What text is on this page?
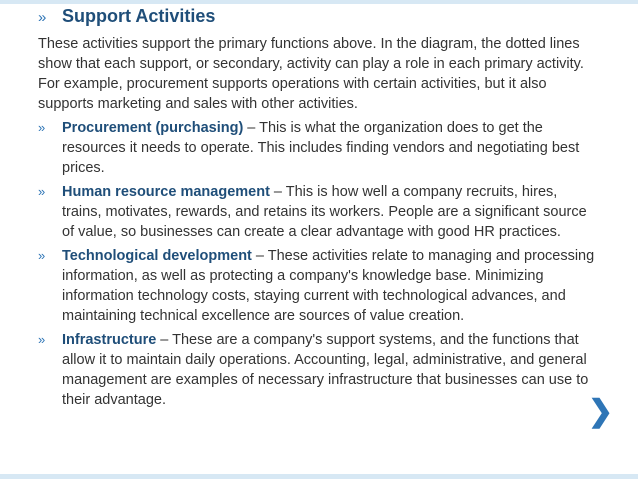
» Support Activities

These activities support the primary functions above. In the diagram, the dotted lines show that each support, or secondary, activity can play a role in each primary activity. For example, procurement supports operations with certain activities, but it also supports marketing and sales with other activities.

» Procurement (purchasing) – This is what the organization does to get the resources it needs to operate. This includes finding vendors and negotiating best prices.
» Human resource management – This is how well a company recruits, hires, trains, motivates, rewards, and retains its workers. People are a significant source of value, so businesses can create a clear advantage with good HR practices.
» Technological development – These activities relate to managing and processing information, as well as protecting a company's knowledge base. Minimizing information technology costs, staying current with technological advances, and maintaining technical excellence are sources of value creation.
» Infrastructure – These are a company's support systems, and the functions that allow it to maintain daily operations. Accounting, legal, administrative, and general management are examples of necessary infrastructure that businesses can use to their advantage.	❯
